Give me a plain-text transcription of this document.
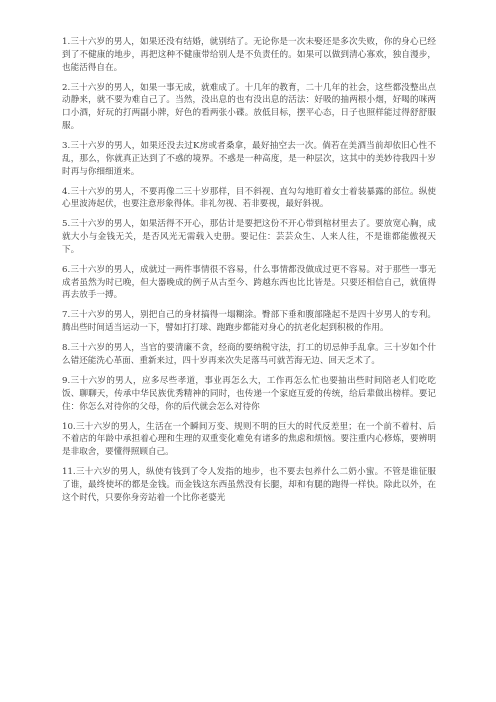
1.三十六岁的男人，如果还没有结婚，就别结了。无论你是一次未娶还是多次失败，你的身心已经到了不健康的地步，再把这种不健康带给别人是不负责任的。如果可以做到清心寡欢，独自漫步，也能活得自在。

2.三十六岁的男人，如果一事无成，就难成了。十几年的教育，二十几年的社会，这些都没整出点动静来，就不要为难自己了。当然，没出息的也有没出息的活法：好吸的抽两根小烟，好喝的咪两口小酒，好玩的打两副小牌，好色的看两张小碟。放低目标，摆平心态，日子也照样能过得舒舒服服。

3.三十六岁的男人，如果还没去过K房或者桑拿，最好抽空去一次。倘若在美酒当前却依旧心性不乱，那么，你就真正达到了不惑的境界。不惑是一种高度，是一种层次，这其中的美妙待我四十岁时再与你细细道来。

4.三十六岁的男人，不要再像二三十岁那样，目不斜视、直勾勾地盯着女士着装暴露的部位。纵使心里波涛起伏，也要注意形象得体。非礼勿视、若非要视，最好斜视。

5.三十六岁的男人，如果活得不开心，那估计是要把这份不开心带到棺材里去了。要放宽心胸，成就大小与金钱无关，是否风光无需载入史册。要记住：芸芸众生、人来人往，不是谁都能傲视天下。

6.三十六岁的男人，成就过一两件事情很不容易，什么事情都没做成过更不容易。对于那些一事无成者虽然为时已晚，但大器晚成的例子从古至今、跨越东西也比比皆是。只要还相信自己，就值得再去放手一搏。

7.三十六岁的男人，别把自己的身材搞得一塌糊涂。臀部下垂和腹部隆起不是四十岁男人的专利。腾出些时间适当运动一下，譬如打打球、跑跑步都能对身心的抗老化起到积极的作用。

8.三十六岁的男人，当官的要清廉不贪，经商的要纳税守法，打工的切忌伸手乱拿。三十岁如个什么错还能洗心革面、重新来过，四十岁再来次失足落马可就苦海无边、回天乏术了。

9.三十六岁的男人，应多尽些孝道，事业再怎么大，工作再怎么忙也要抽出些时间陪老人们吃吃饭、聊聊天，传承中华民族优秀精神的同时，也传递一个家庭互爱的传统，给后辈做出榜样。要记住：你怎么对待你的父母，你的后代就会怎么对待你

10.三十六岁的男人，生活在一个瞬间万变、规则不明的巨大的时代反差里；在一个前不着村、后不着店的年龄中承担着心理和生理的双重变化难免有诸多的焦虑和烦恼。要注重内心修炼，要辨明是非取舍，要懂得照顾自己。

11.三十六岁的男人，纵使有钱到了令人发指的地步，也不要去包养什么二奶小蜜。不管是谁征服了谁，最终使坏的都是金钱。而金钱这东西虽然没有长腿，却和有腿的跑得一样快。除此以外，在这个时代，只要你身旁站着一个比你老婆光
